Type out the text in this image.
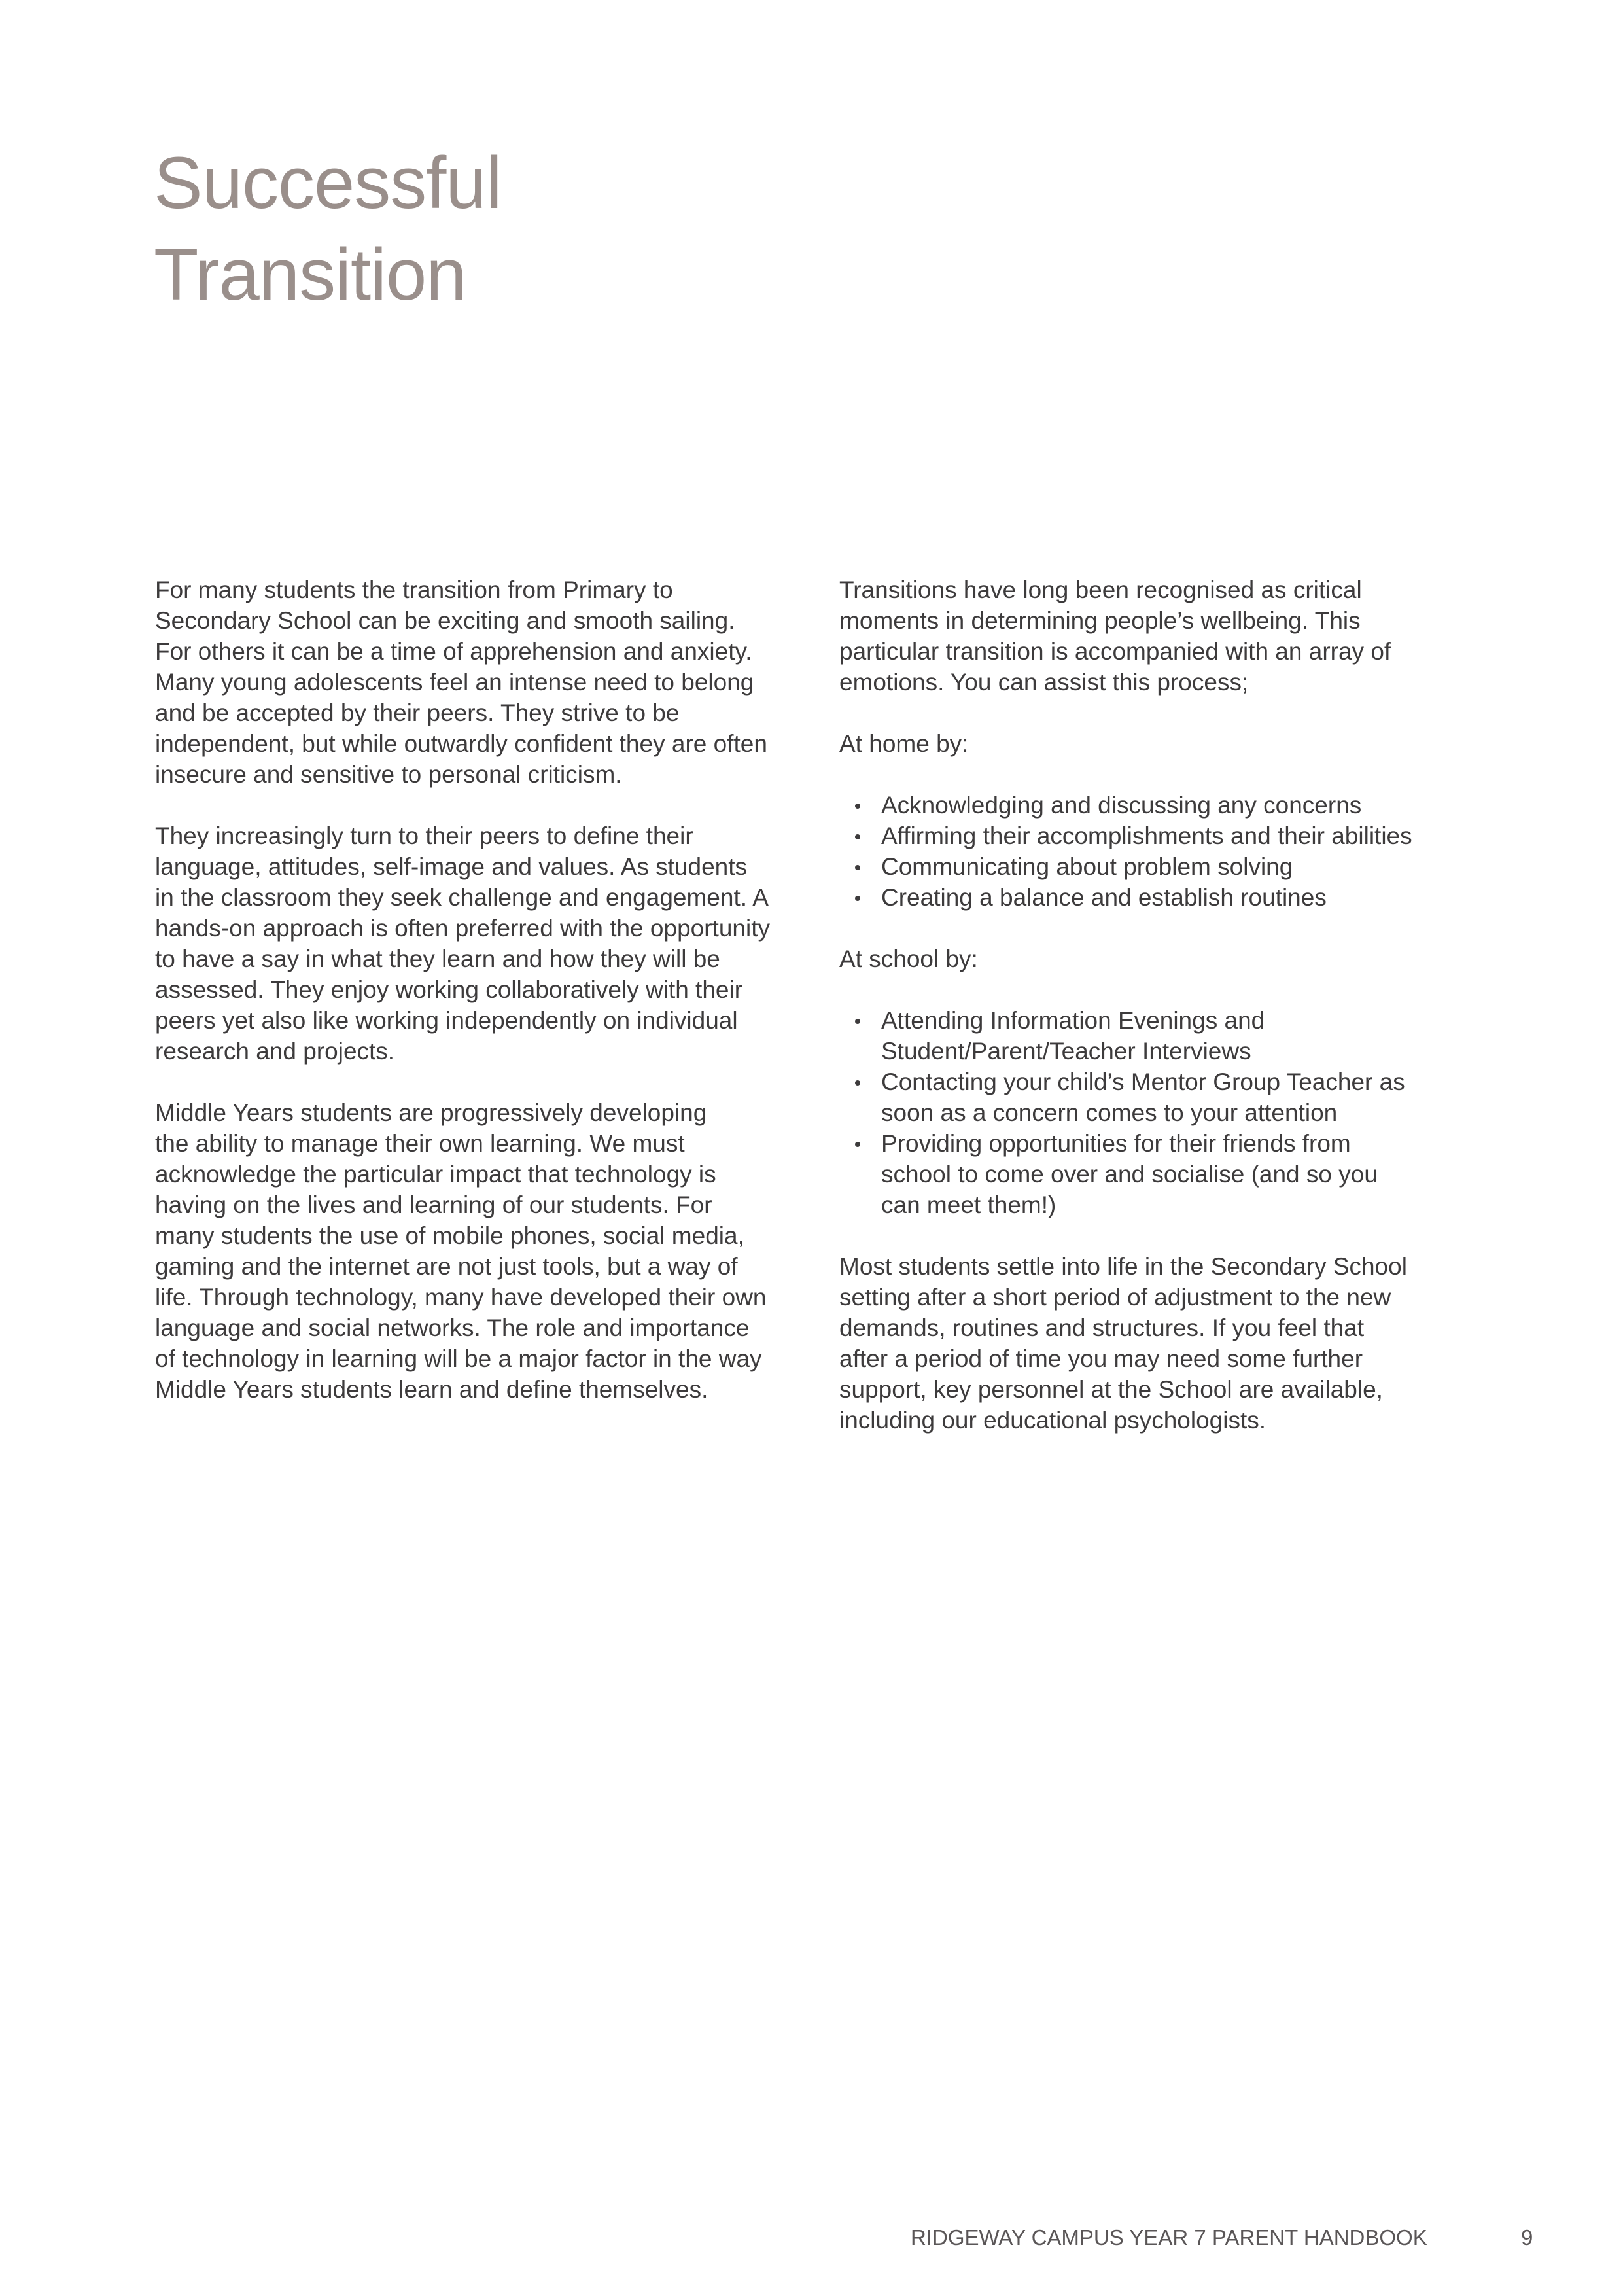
Successful
Transition

For many students the transition from Primary to
Secondary School can be exciting and smooth sailing.
For others it can be a time of apprehension and anxiety.
Many young adolescents feel an intense need to belong
and be accepted by their peers. They strive to be
independent, but while outwardly confident they are often
insecure and sensitive to personal criticism.

They increasingly turn to their peers to define their
language, attitudes, self-image and values. As students
in the classroom they seek challenge and engagement. A
hands-on approach is often preferred with the opportunity
to have a say in what they learn and how they will be
assessed. They enjoy working collaboratively with their
peers yet also like working independently on individual
research and projects.

Middle Years students are progressively developing
the ability to manage their own learning. We must
acknowledge the particular impact that technology is
having on the lives and learning of our students. For
many students the use of mobile phones, social media,
gaming and the internet are not just tools, but a way of
life. Through technology, many have developed their own
language and social networks. The role and importance
of technology in learning will be a major factor in the way
Middle Years students learn and define themselves.

Transitions have long been recognised as critical
moments in determining people’s wellbeing. This
particular transition is accompanied with an array of
emotions. You can assist this process;

At home by:

Acknowledging and discussing any concerns
Affirming their accomplishments and their abilities
Communicating about problem solving
Creating a balance and establish routines

At school by:

Attending Information Evenings and
Student/Parent/Teacher Interviews
Contacting your child’s Mentor Group Teacher as
soon as a concern comes to your attention
Providing opportunities for their friends from
school to come over and socialise (and so you
can meet them!)

Most students settle into life in the Secondary School
setting after a short period of adjustment to the new
demands, routines and structures. If you feel that
after a period of time you may need some further
support, key personnel at the School are available,
including our educational psychologists.

RIDGEWAY CAMPUS YEAR 7 PARENT HANDBOOK	9
